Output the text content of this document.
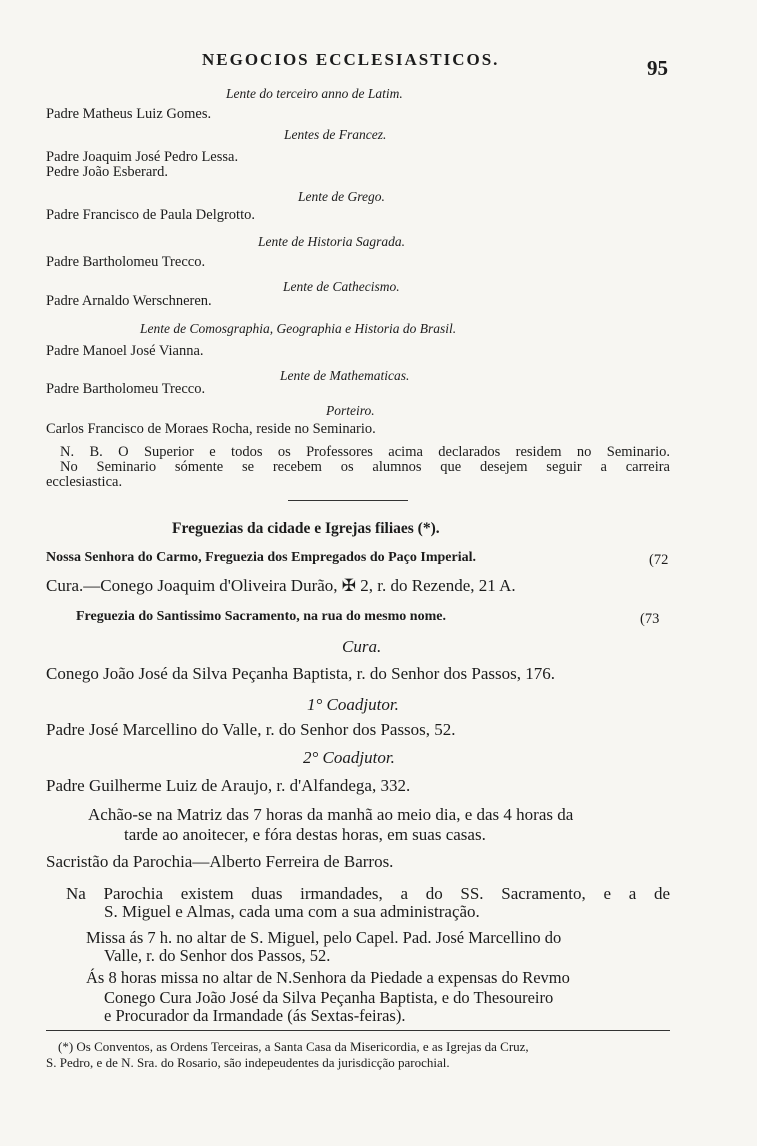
NEGOCIOS ECCLESIASTICOS.	95
Lente do terceiro anno de Latim.
Padre Matheus Luiz Gomes.
Lentes de Francez.
Padre Joaquim José Pedro Lessa.
Pedre João Esberard.
Lente de Grego.
Padre Francisco de Paula Delgrotto.
Lente de Historia Sagrada.
Padre Bartholomeu Trecco.
Lente de Cathecismo.
Padre Arnaldo Werschneren.
Lente de Comosgraphia, Geographia e Historia do Brasil.
Padre Manoel José Vianna.
Lente de Mathematicas.
Padre Bartholomeu Trecco.
Porteiro.
Carlos Francisco de Moraes Rocha, reside no Seminario.
N. B. O Superior e todos os Professores acima declarados residem no Seminario.
No Seminario sómente se recebem os alumnos que desejem seguir a carreira
ecclesiastica.
Freguezias da cidade e Igrejas filiaes (*).
Nossa Senhora do Carmo, Freguezia dos Empregados do Paço Imperial.	(72
Cura.—Conego Joaquim d'Oliveira Durão, ✠ 2, r. do Rezende, 21 A.
Freguezia do Santissimo Sacramento, na rua do mesmo nome.	(73
Cura.
Conego João José da Silva Peçanha Baptista, r. do Senhor dos Passos, 176.
1° Coadjutor.
Padre José Marcellino do Valle, r. do Senhor dos Passos, 52.
2° Coadjutor.
Padre Guilherme Luiz de Araujo, r. d'Alfandega, 332.
Achão-se na Matriz das 7 horas da manhã ao meio dia, e das 4 horas da
tarde ao anoitecer, e fóra destas horas, em suas casas.
Sacristão da Parochia—Alberto Ferreira de Barros.
Na Parochia existem duas irmandades, a do SS. Sacramento, e a de
S. Miguel e Almas, cada uma com a sua administração.
Missa ás 7 h. no altar de S. Miguel, pelo Capel. Pad. José Marcellino do
Valle, r. do Senhor dos Passos, 52.
Ás 8 horas missa no altar de N.Senhora da Piedade a expensas do Revmo
Conego Cura João José da Silva Peçanha Baptista, e do Thesoureiro
e Procurador da Irmandade (ás Sextas-feiras).
(*) Os Conventos, as Ordens Terceiras, a Santa Casa da Misericordia, e as Igrejas da Cruz,
S. Pedro, e de N. Sra. do Rosario, são indepeudentes da jurisdicção parochial.
